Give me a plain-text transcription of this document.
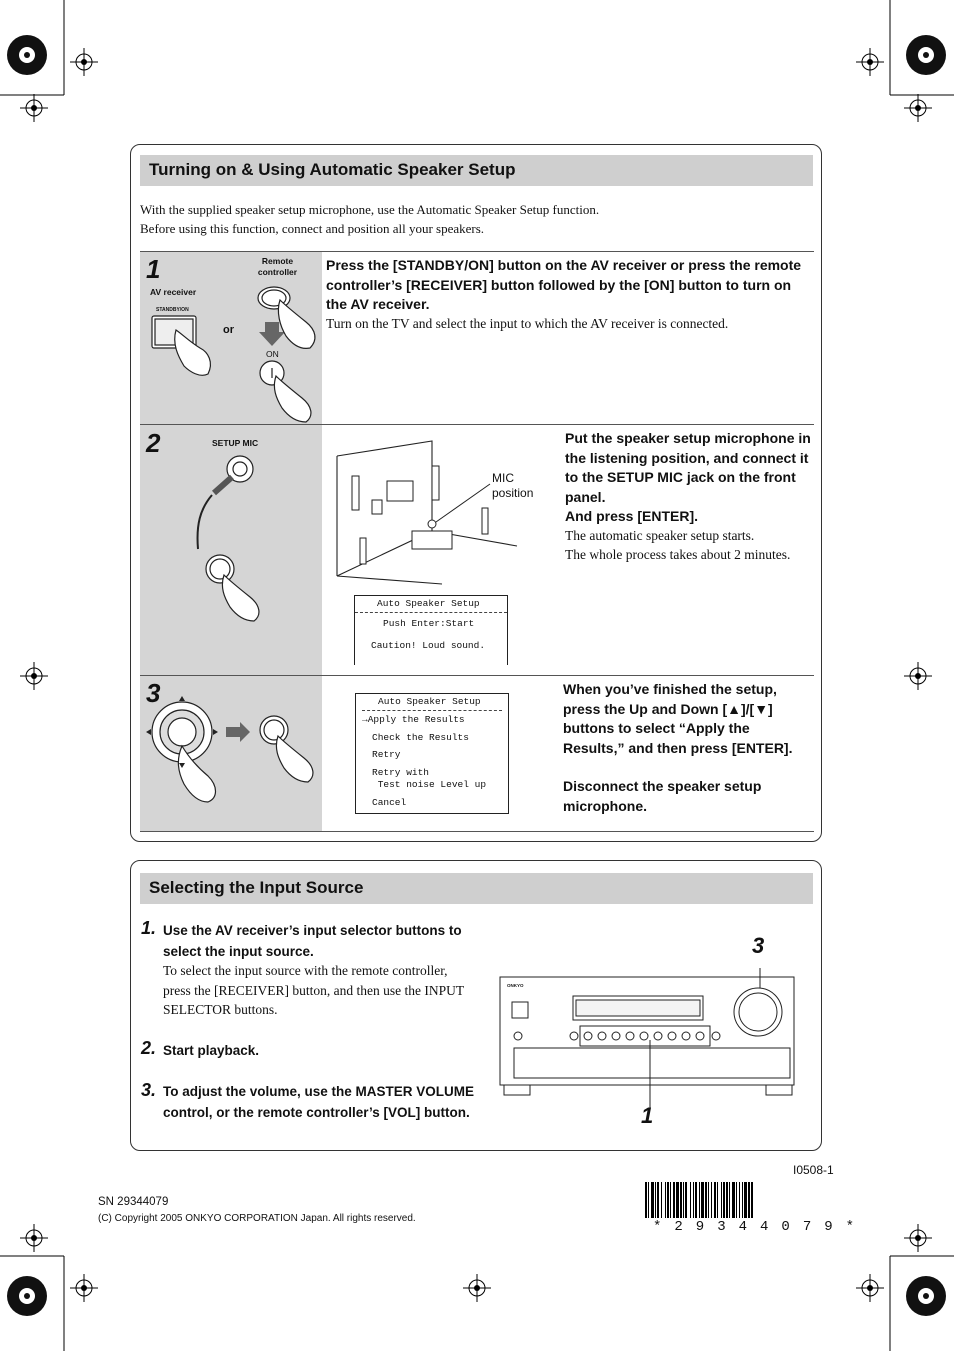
Turning on & Using Automatic Speaker Setup
With the supplied speaker setup microphone, use the Automatic Speaker Setup function.
Before using this function, connect and position all your speakers.
1	Remote controller
AV receiver
STANDBY/ON
or
ON
Press the [STANDBY/ON] button on the AV receiver or press the remote controller’s [RECEIVER] button followed by the [ON] button to turn on the AV receiver.
Turn on the TV and select the input to which the AV receiver is connected.
2	SETUP MIC
MIC position
Put the speaker setup microphone in the listening position, and connect it to the SETUP MIC jack on the front panel.
And press [ENTER].
The automatic speaker setup starts.
The whole process takes about 2 minutes.
Auto Speaker Setup
Push Enter:Start
Caution! Loud sound.
3	Auto Speaker Setup
→Apply the Results
Check the Results
Retry
Retry with
Test noise Level up
Cancel
When you’ve finished the setup, press the Up and Down [▲]/[▼] buttons to select “Apply the Results,” and then press [ENTER].
Disconnect the speaker setup microphone.
Selecting the Input Source
1. Use the AV receiver’s input selector buttons to select the input source.
To select the input source with the remote controller, press the [RECEIVER] button, and then use the INPUT SELECTOR buttons.
2. Start playback.
3. To adjust the volume, use the MASTER VOLUME control, or the remote controller’s [VOL] button.
3
1
ONKYO
I0508-1
SN 29344079
(C) Copyright 2005 ONKYO CORPORATION Japan. All rights reserved.
* 2 9 3 4 4 0 7 9 *
